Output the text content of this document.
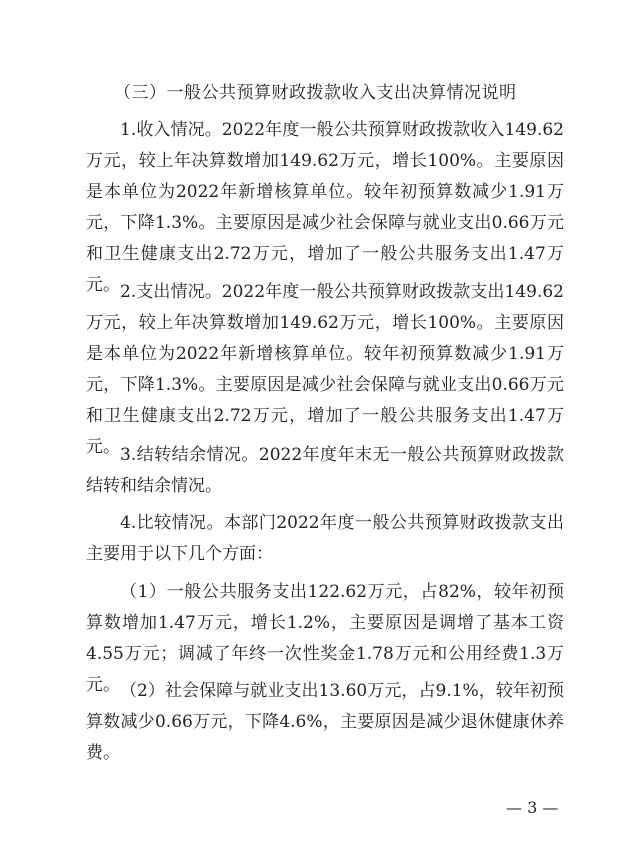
（三）一般公共预算财政拨款收入支出决算情况说明

1.收入情况。2022年度一般公共预算财政拨款收入149.62万元，较上年决算数增加149.62万元，增长100%。主要原因是本单位为2022年新增核算单位。较年初预算数减少1.91万元，下降1.3%。主要原因是减少社会保障与就业支出0.66万元和卫生健康支出2.72万元，增加了一般公共服务支出1.47万元。 2.支出情况。2022年度一般公共预算财政拨款支出149.62万元，较上年决算数增加149.62万元，增长100%。主要原因是本单位为2022年新增核算单位。较年初预算数减少1.91万元，下降1.3%。主要原因是减少社会保障与就业支出0.66万元和卫生健康支出2.72万元，增加了一般公共服务支出1.47万元。 3.结转结余情况。2022年度年末无一般公共预算财政拨款结转和结余情况。

4.比较情况。本部门2022年度一般公共预算财政拨款支出主要用于以下几个方面：

（1）一般公共服务支出122.62万元，占82%，较年初预算数增加1.47万元，增长1.2%，主要原因是调增了基本工资4.55万元；调减了年终一次性奖金1.78万元和公用经费1.3万元。 （2）社会保障与就业支出13.60万元，占9.1%，较年初预算数减少0.66万元，下降4.6%，主要原因是减少退休健康休养费。

— 3 —
